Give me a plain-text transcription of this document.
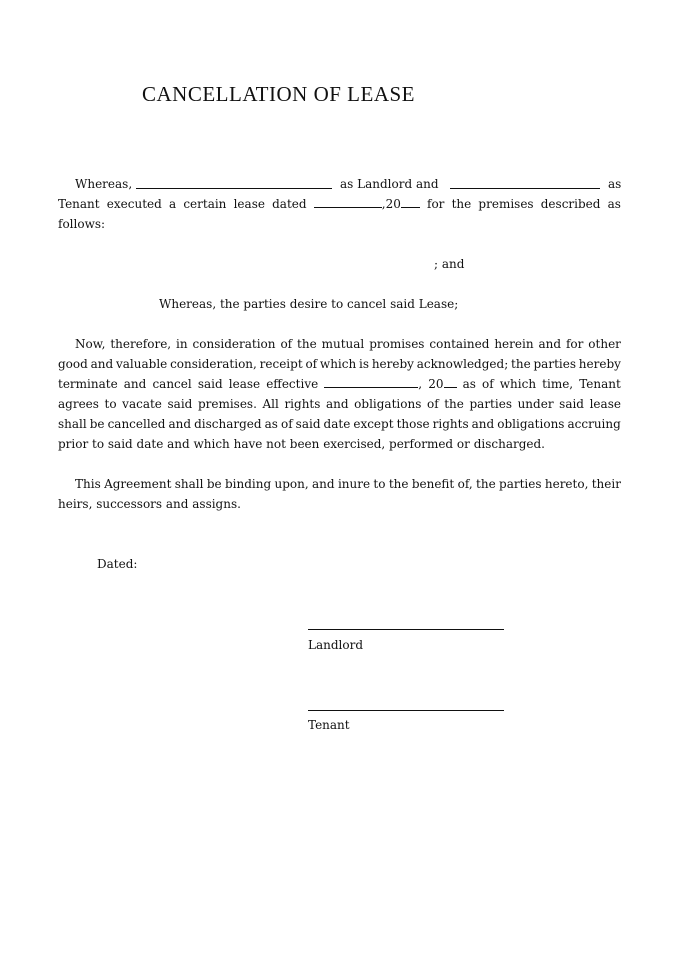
CANCELLATION OF LEASE
Whereas,	as Landlord and	as
Tenant executed a certain lease dated	,20	for the premises described as
follows:
; and
Whereas, the parties desire to cancel said Lease;
Now, therefore, in consideration of the mutual promises contained herein and for other
good and valuable consideration, receipt of which is hereby acknowledged; the parties hereby
terminate and cancel said lease effective	, 20	as of which time, Tenant
agrees to vacate said premises. All rights and obligations of the parties under said lease
shall be cancelled and discharged as of said date except those rights and obligations accruing
prior to said date and which have not been exercised, performed or discharged.
This Agreement shall be binding upon, and inure to the benefit of, the parties hereto, their
heirs, successors and assigns.
Dated:
Landlord
Tenant
